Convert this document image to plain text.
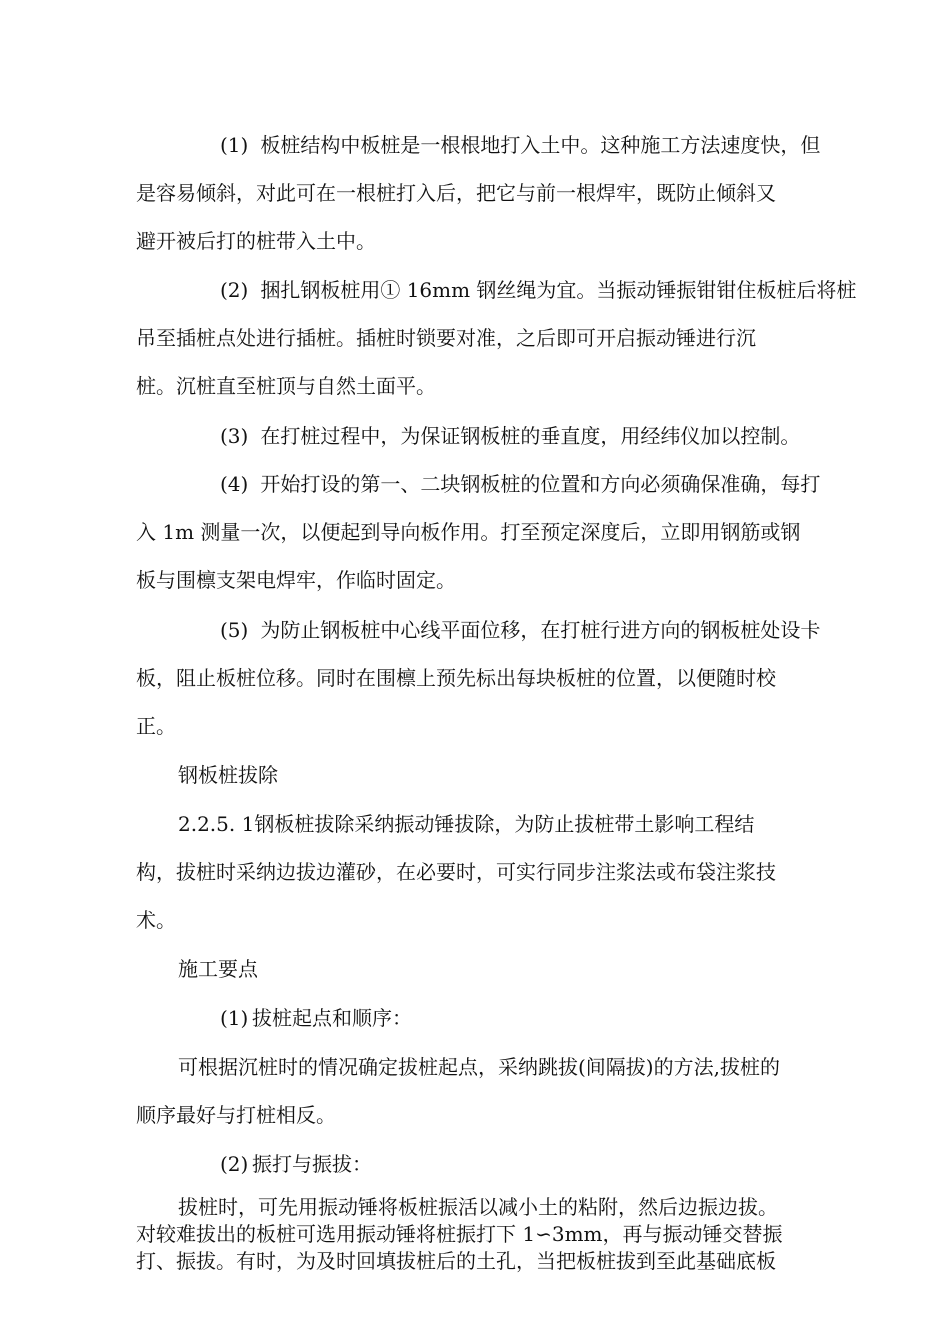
(1) 板桩结构中板桩是一根根地打入土中。这种施工方法速度快，但
是容易倾斜，对此可在一根桩打入后，把它与前一根焊牢，既防止倾斜又
避开被后打的桩带入土中。
(2) 捆扎钢板桩用① 16mm 钢丝绳为宜。当振动锤振钳钳住板桩后将桩
吊至插桩点处进行插桩。插桩时锁要对准，之后即可开启振动锤进行沉
桩。沉桩直至桩顶与自然土面平。
(3) 在打桩过程中，为保证钢板桩的垂直度，用经纬仪加以控制。
(4) 开始打设的第一、二块钢板桩的位置和方向必须确保准确，每打
入 1m 测量一次，以便起到导向板作用。打至预定深度后，立即用钢筋或钢
板与围檩支架电焊牢，作临时固定。
(5) 为防止钢板桩中心线平面位移，在打桩行进方向的钢板桩处设卡
板，阻止板桩位移。同时在围檩上预先标出每块板桩的位置，以便随时校
正。
钢板桩拔除
2.2.5. 1钢板桩拔除采纳振动锤拔除，为防止拔桩带土影响工程结
构，拔桩时采纳边拔边灌砂，在必要时，可实行同步注浆法或布袋注浆技
术。
施工要点
(1) 拔桩起点和顺序：
可根据沉桩时的情况确定拔桩起点，采纳跳拔(间隔拔)的方法,拔桩的
顺序最好与打桩相反。
(2) 振打与振拔：
拔桩时，可先用振动锤将板桩振活以减小土的粘附，然后边振边拔。
对较难拔出的板桩可选用振动锤将桩振打下 1∽3mm，再与振动锤交替振
打、振拔。有时，为及时回填拔桩后的土孔，当把板桩拔到至此基础底板
